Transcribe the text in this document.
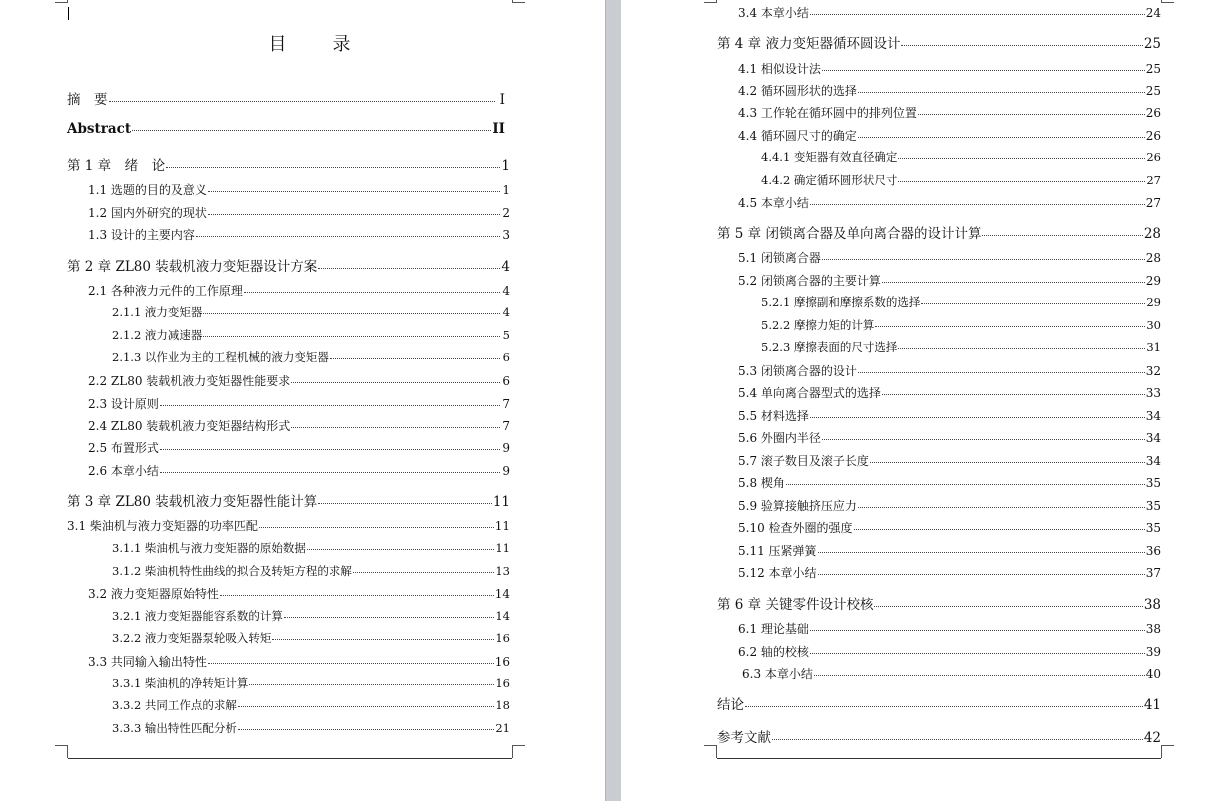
目　录
摘　要	I
Abstract	II
第 1 章　绪　论	1
1.1 选题的目的及意义	1
1.2 国内外研究的现状	2
1.3 设计的主要内容	3
第 2 章 ZL80 装载机液力变矩器设计方案	4
2.1 各种液力元件的工作原理	4
2.1.1 液力变矩器	4
2.1.2 液力减速器	5
2.1.3 以作业为主的工程机械的液力变矩器	6
2.2 ZL80 装载机液力变矩器性能要求	6
2.3 设计原则	7
2.4 ZL80 装载机液力变矩器结构形式	7
2.5 布置形式	9
2.6 本章小结	9
第 3 章 ZL80 装载机液力变矩器性能计算	11
3.1 柴油机与液力变矩器的功率匹配	11
3.1.1 柴油机与液力变矩器的原始数据	11
3.1.2 柴油机特性曲线的拟合及转矩方程的求解	13
3.2 液力变矩器原始特性	14
3.2.1 液力变矩器能容系数的计算	14
3.2.2 液力变矩器泵轮吸入转矩	16
3.3 共同输入输出特性	16
3.3.1 柴油机的净转矩计算	16
3.3.2 共同工作点的求解	18
3.3.3 输出特性匹配分析	21
3.4 本章小结	24
第 4 章 液力变矩器循环圆设计	25
4.1 相似设计法	25
4.2 循环圆形状的选择	25
4.3 工作轮在循环圆中的排列位置	26
4.4 循环圆尺寸的确定	26
4.4.1 变矩器有效直径确定	26
4.4.2 确定循环圆形状尺寸	27
4.5 本章小结	27
第 5 章 闭锁离合器及单向离合器的设计计算	28
5.1 闭锁离合器	28
5.2 闭锁离合器的主要计算	29
5.2.1 摩擦副和摩擦系数的选择	29
5.2.2 摩擦力矩的计算	30
5.2.3 摩擦表面的尺寸选择	31
5.3 闭锁离合器的设计	32
5.4 单向离合器型式的选择	33
5.5 材料选择	34
5.6 外圈内半径	34
5.7 滚子数目及滚子长度	34
5.8 楔角	35
5.9 验算接触挤压应力	35
5.10 检查外圈的强度	35
5.11 压紧弹簧	36
5.12 本章小结	37
第 6 章 关键零件设计校核	38
6.1 理论基础	38
6.2 轴的校核	39
6.3 本章小结	40
结论	41
参考文献	42
